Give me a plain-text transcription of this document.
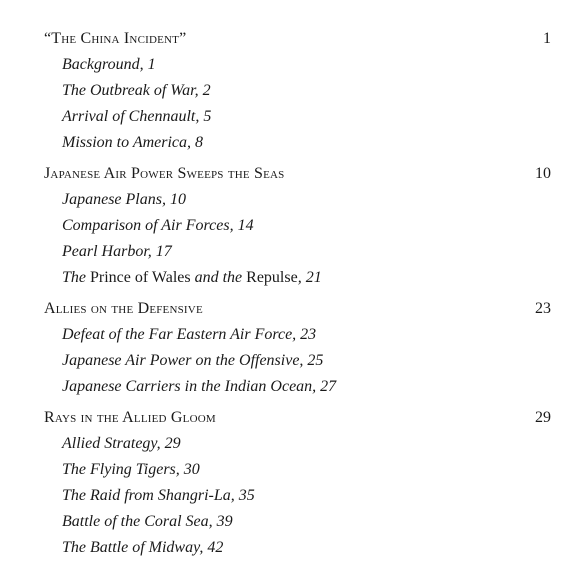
“The China Incident”	1
Background, 1
The Outbreak of War, 2
Arrival of Chennault, 5
Mission to America, 8
Japanese Air Power Sweeps the Seas	10
Japanese Plans, 10
Comparison of Air Forces, 14
Pearl Harbor, 17
The Prince of Wales and the Repulse, 21
Allies on the Defensive	23
Defeat of the Far Eastern Air Force, 23
Japanese Air Power on the Offensive, 25
Japanese Carriers in the Indian Ocean, 27
Rays in the Allied Gloom	29
Allied Strategy, 29
The Flying Tigers, 30
The Raid from Shangri-La, 35
Battle of the Coral Sea, 39
The Battle of Midway, 42
